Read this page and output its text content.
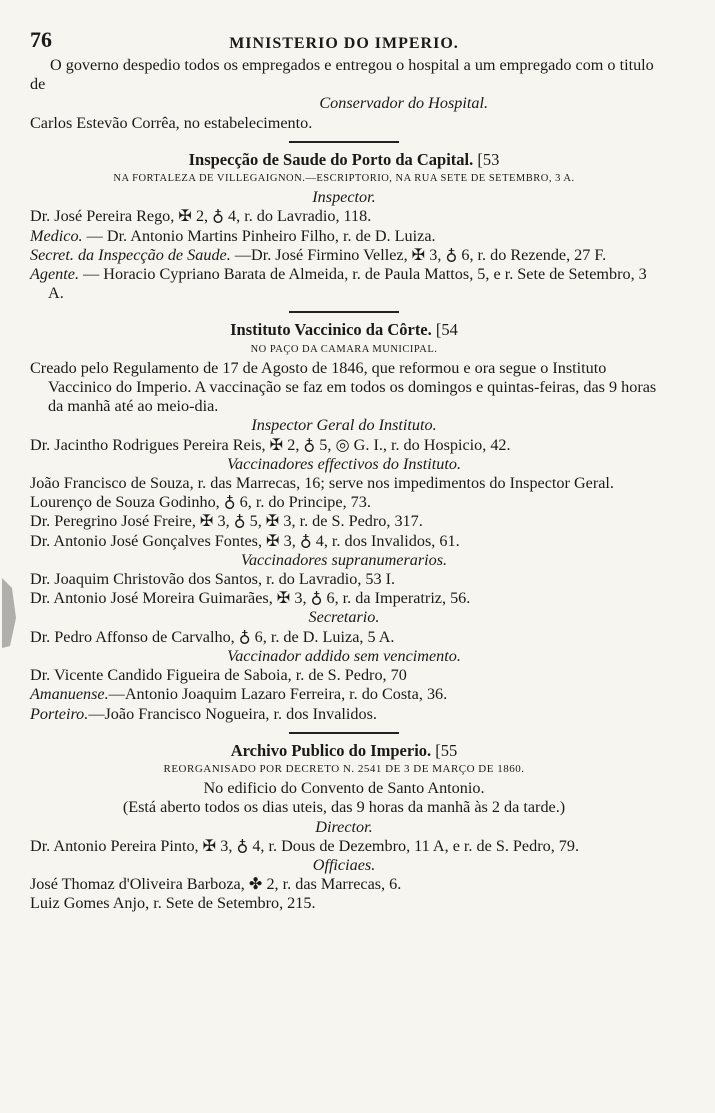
76	MINISTERIO DO IMPERIO.

O governo despedio todos os empregados e entregou o hospital a um empregado com o titulo de

Conservador do Hospital.

Carlos Estevão Corrêa, no estabelecimento.

Inspecção de Saude do Porto da Capital. [53

NA FORTALEZA DE VILLEGAIGNON.—ESCRIPTORIO, NA RUA SETE DE SETEMBRO, 3 A.

Inspector.

Dr. José Pereira Rego, ✠ 2, ♁ 4, r. do Lavradio, 118.

Medico. — Dr. Antonio Martins Pinheiro Filho, r. de D. Luiza.

Secret. da Inspecção de Saude. —Dr. José Firmino Vellez, ✠ 3, ♁ 6, r. do Rezende, 27 F.

Agente. — Horacio Cypriano Barata de Almeida, r. de Paula Mattos, 5, e r. Sete de Setembro, 3 A.

Instituto Vaccinico da Côrte. [54

NO PAÇO DA CAMARA MUNICIPAL.

Creado pelo Regulamento de 17 de Agosto de 1846, que reformou e ora segue o Instituto Vaccinico do Imperio. A vaccinação se faz em todos os domingos e quintas-feiras, das 9 horas da manhã até ao meio-dia.

Inspector Geral do Instituto.

Dr. Jacintho Rodrigues Pereira Reis, ✠ 2, ♁ 5, ◎ G. I., r. do Hospicio, 42.

Vaccinadores effectivos do Instituto.

João Francisco de Souza, r. das Marrecas, 16; serve nos impedimentos do Inspector Geral.

Lourenço de Souza Godinho, ♁ 6, r. do Principe, 73.

Dr. Peregrino José Freire, ✠ 3, ♁ 5, ✠ 3, r. de S. Pedro, 317.

Dr. Antonio José Gonçalves Fontes, ✠ 3, ♁ 4, r. dos Invalidos, 61.

Vaccinadores supranumerarios.

Dr. Joaquim Christovão dos Santos, r. do Lavradio, 53 I.

Dr. Antonio José Moreira Guimarães, ✠ 3, ♁ 6, r. da Imperatriz, 56.

Secretario.

Dr. Pedro Affonso de Carvalho, ♁ 6, r. de D. Luiza, 5 A.

Vaccinador addido sem vencimento.

Dr. Vicente Candido Figueira de Saboia, r. de S. Pedro, 70

Amanuense.—Antonio Joaquim Lazaro Ferreira, r. do Costa, 36.

Porteiro.—João Francisco Nogueira, r. dos Invalidos.

Archivo Publico do Imperio. [55

REORGANISADO POR DECRETO N. 2541 DE 3 DE MARÇO DE 1860.

No edificio do Convento de Santo Antonio.

(Está aberto todos os dias uteis, das 9 horas da manhã às 2 da tarde.)

Director.

Dr. Antonio Pereira Pinto, ✠ 3, ♁ 4, r. Dous de Dezembro, 11 A, e r. de S. Pedro, 79.

Officiaes.

José Thomaz d'Oliveira Barboza, ✤ 2, r. das Marrecas, 6.

Luiz Gomes Anjo, r. Sete de Setembro, 215.
